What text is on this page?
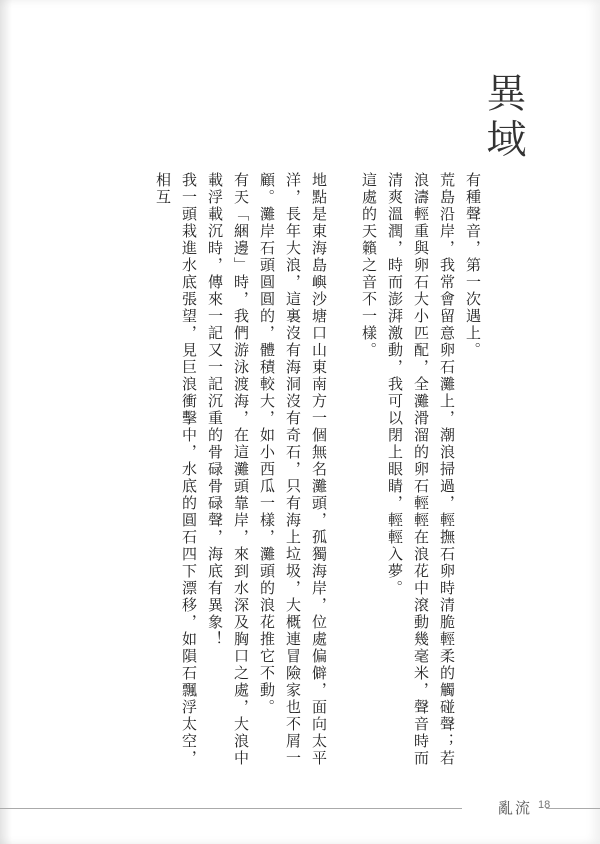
異域

有種聲音，第一次遇上。

荒島沿岸，我常會留意卵石灘上，潮浪掃過，輕撫石卵時清脆輕柔的觸碰聲；若浪濤輕重與卵石大小匹配，全灘滑溜的卵石輕輕在浪花中滾動幾毫米，聲音時而清爽溫潤，時而澎湃激動，我可以閉上眼睛，輕輕入夢。

這處的天籟之音不一樣。

地點是東海島嶼沙塘口山東南方一個無名灘頭，孤獨海岸，位處偏僻，面向太平洋，長年大浪，這裏沒有海洞沒有奇石，只有海上垃圾，大概連冒險家也不屑一顧。灘岸石頭圓圓的，體積較大，如小西瓜一樣，灘頭的浪花推它不動。

有天「綑邊」時，我們游泳渡海，在這灘頭靠岸，來到水深及胸口之處，大浪中載浮載沉時，傳來一記又一記沉重的骨碌骨碌聲，海底有異象！

我一頭栽進水底張望，見巨浪衝擊中，水底的圓石四下漂移，如隕石飄浮太空，相互

亂流 18
